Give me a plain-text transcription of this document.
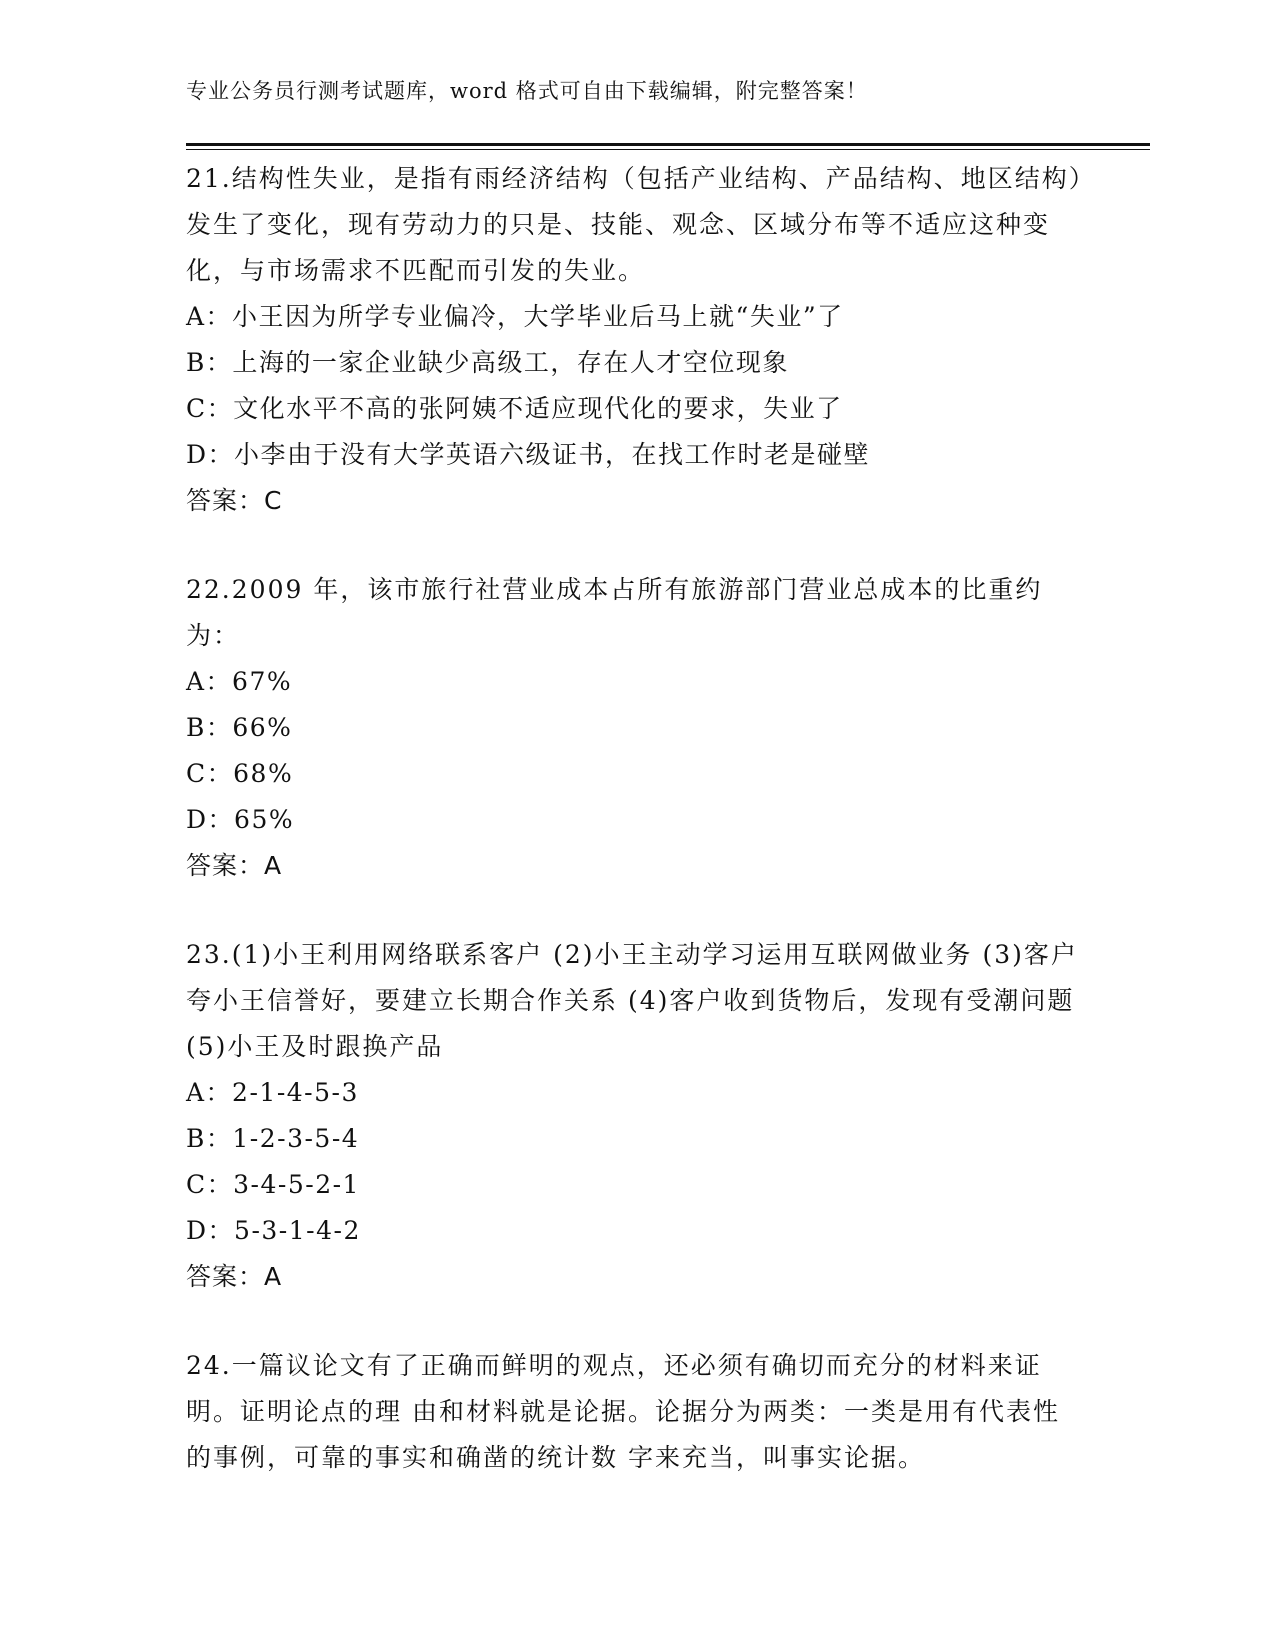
专业公务员行测考试题库，word 格式可自由下载编辑，附完整答案！

21.结构性失业，是指有雨经济结构（包括产业结构、产品结构、地区结构）发生了变化，现有劳动力的只是、技能、观念、区域分布等不适应这种变化，与市场需求不匹配而引发的失业。

A：小王因为所学专业偏冷，大学毕业后马上就“失业”了

B：上海的一家企业缺少高级工，存在人才空位现象

C：文化水平不高的张阿姨不适应现代化的要求，失业了

D：小李由于没有大学英语六级证书，在找工作时老是碰壁

答案：C

22.2009 年，该市旅行社营业成本占所有旅游部门营业总成本的比重约为：

A：67%

B：66%

C：68%

D：65%

答案：A

23.(1)小王利用网络联系客户 (2)小王主动学习运用互联网做业务 (3)客户夸小王信誉好，要建立长期合作关系 (4)客户收到货物后，发现有受潮问题 (5)小王及时跟换产品

A：2-1-4-5-3

B：1-2-3-5-4

C：3-4-5-2-1

D：5-3-1-4-2

答案：A

24.一篇议论文有了正确而鲜明的观点，还必须有确切而充分的材料来证明。证明论点的理 由和材料就是论据。论据分为两类：一类是用有代表性的事例，可靠的事实和确凿的统计数 字来充当，叫事实论据。
